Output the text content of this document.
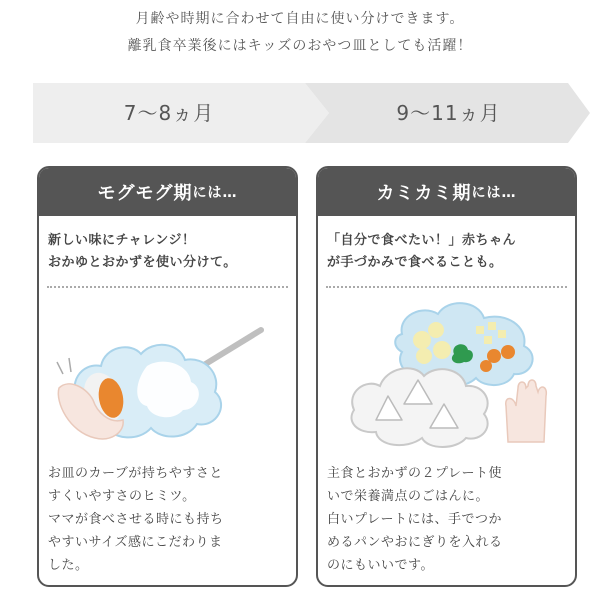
月齢や時期に合わせて自由に使い分けできます。
離乳食卒業後にはキッズのおやつ皿としても活躍！
7〜8ヵ月	9〜11ヵ月
モグモグ期 には…
新しい味にチャレンジ！
おかゆとおかずを使い分けて。
お皿のカーブが持ちやすさと
すくいやすさのヒミツ。
ママが食べさせる時にも持ち
やすいサイズ感にこだわりま
した。
カミカミ期 には…
「自分で食べたい！」赤ちゃん
が手づかみで食べることも。
主食とおかずの２プレート使
いで栄養満点のごはんに。
白いプレートには、手でつか
めるパンやおにぎりを入れる
のにもいいです。
